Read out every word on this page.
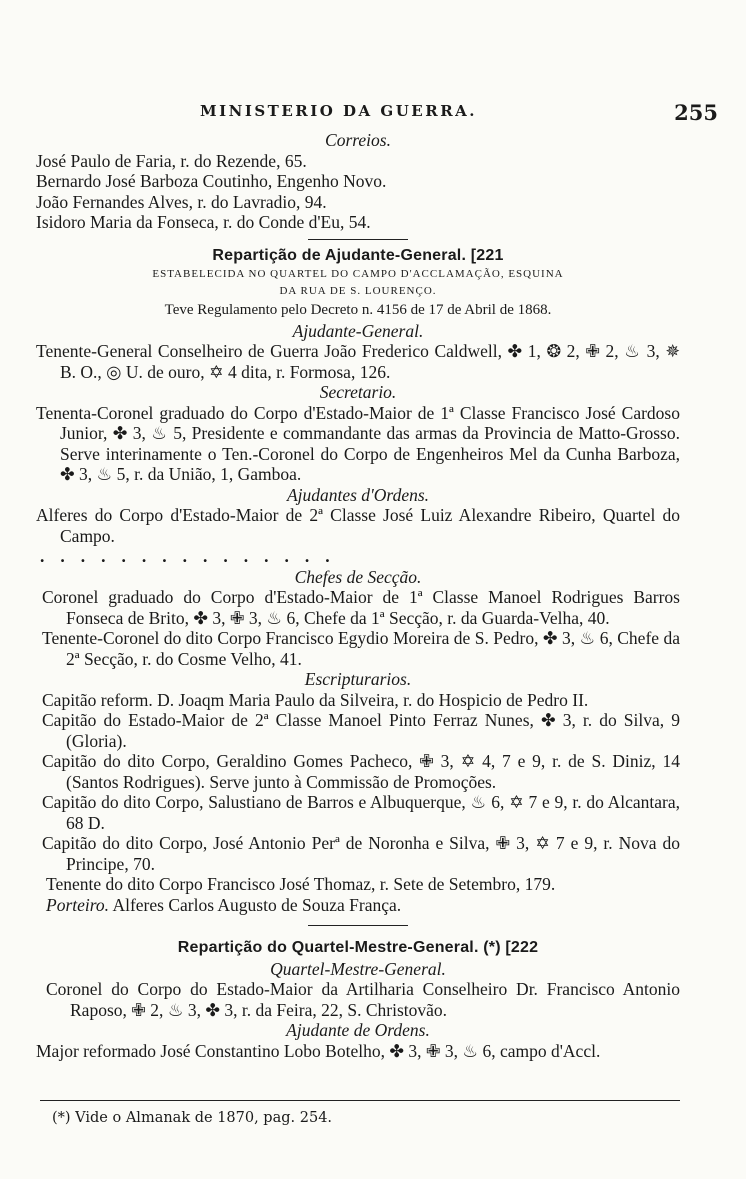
MINISTERIO DA GUERRA.	255
Correios.
José Paulo de Faria, r. do Rezende, 65.
Bernardo José Barboza Coutinho, Engenho Novo.
João Fernandes Alves, r. do Lavradio, 94.
Isidoro Maria da Fonseca, r. do Conde d'Eu, 54.
Repartição de Ajudante-General. [221
ESTABELECIDA NO QUARTEL DO CAMPO D'ACCLAMAÇÃO, ESQUINA
DA RUA DE S. LOURENÇO.
Teve Regulamento pelo Decreto n. 4156 de 17 de Abril de 1868.
Ajudante-General.
Tenente-General Conselheiro de Guerra João Frederico Caldwell, ✤ 1, ❂ 2, ✙ 2, ♨ 3, ✵ B. O., ◎ U. de ouro, ✡ 4 dita, r. Formosa, 126.
Secretario.
Tenenta-Coronel graduado do Corpo d'Estado-Maior de 1ª Classe Francisco José Cardoso Junior, ✤ 3, ♨ 5, Presidente e commandante das armas da Provincia de Matto-Grosso. Serve interinamente o Ten.-Coronel do Corpo de Engenheiros Mel da Cunha Barboza, ✤ 3, ♨ 5, r. da União, 1, Gamboa.
Ajudantes d'Ordens.
Alferes do Corpo d'Estado-Maior de 2ª Classe José Luiz Alexandre Ribeiro, Quartel do Campo.
...............
Chefes de Secção.
Coronel graduado do Corpo d'Estado-Maior de 1ª Classe Manoel Rodrigues Barros Fonseca de Brito, ✤ 3, ✙ 3, ♨ 6, Chefe da 1ª Secção, r. da Guarda-Velha, 40.
Tenente-Coronel do dito Corpo Francisco Egydio Moreira de S. Pedro, ✤ 3, ♨ 6, Chefe da 2ª Secção, r. do Cosme Velho, 41.
Escripturarios.
Capitão reform. D. Joaqm Maria Paulo da Silveira, r. do Hospicio de Pedro II.
Capitão do Estado-Maior de 2ª Classe Manoel Pinto Ferraz Nunes, ✤ 3, r. do Silva, 9 (Gloria).
Capitão do dito Corpo, Geraldino Gomes Pacheco, ✙ 3, ✡ 4, 7 e 9, r. de S. Diniz, 14 (Santos Rodrigues). Serve junto à Commissão de Promoções.
Capitão do dito Corpo, Salustiano de Barros e Albuquerque, ♨ 6, ✡ 7 e 9, r. do Alcantara, 68 D.
Capitão do dito Corpo, José Antonio Perª de Noronha e Silva, ✙ 3, ✡ 7 e 9, r. Nova do Principe, 70.
Tenente do dito Corpo Francisco José Thomaz, r. Sete de Setembro, 179.
Porteiro. Alferes Carlos Augusto de Souza França.
Repartição do Quartel-Mestre-General. (*) [222
Quartel-Mestre-General.
Coronel do Corpo do Estado-Maior da Artilharia Conselheiro Dr. Francisco Antonio Raposo, ✙ 2, ♨ 3, ✤ 3, r. da Feira, 22, S. Christovão.
Ajudante de Ordens.
Major reformado José Constantino Lobo Botelho, ✤ 3, ✙ 3, ♨ 6, campo d'Accl.
(*) Vide o Almanak de 1870, pag. 254.
